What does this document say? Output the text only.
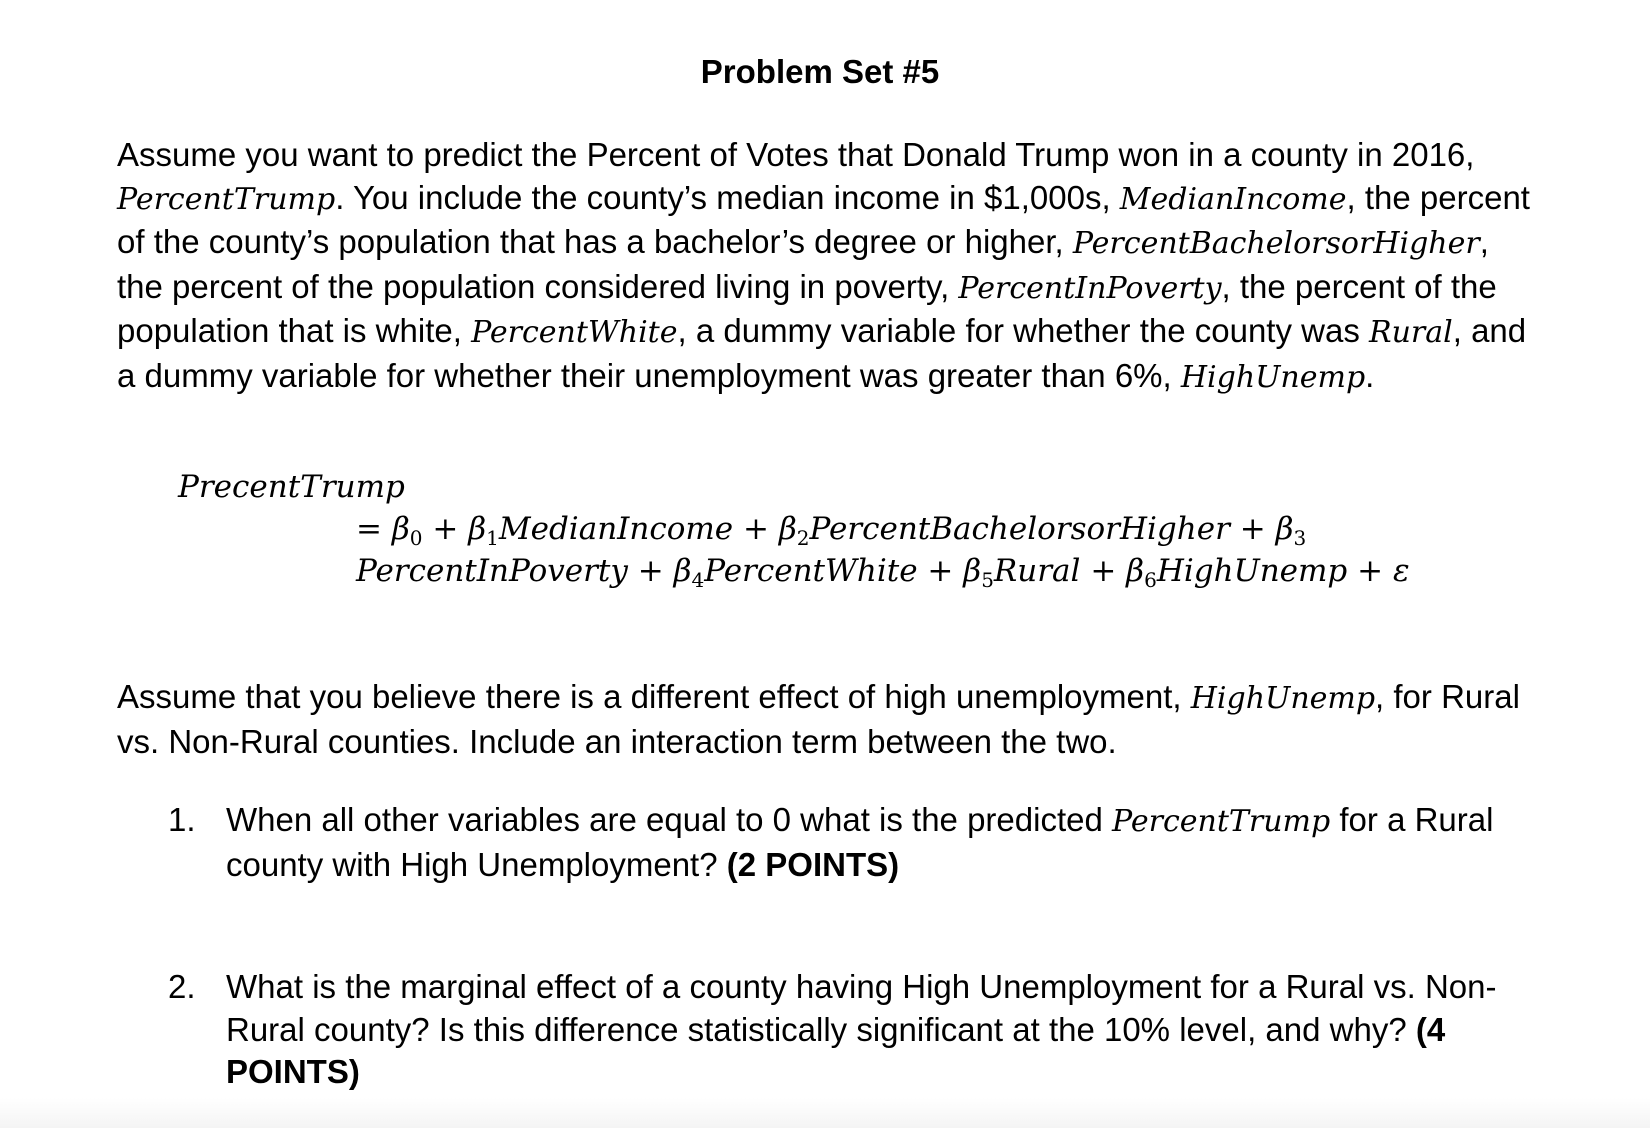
Problem Set #5
Assume you want to predict the Percent of Votes that Donald Trump won in a county in 2016, PercentTrump. You include the county’s median income in $1,000s, MedianIncome, the percent of the county’s population that has a bachelor’s degree or higher, PercentBachelorsorHigher, the percent of the population considered living in poverty, PercentInPoverty, the percent of the population that is white, PercentWhite, a dummy variable for whether the county was Rural, and a dummy variable for whether their unemployment was greater than 6%, HighUnemp.
PrecentTrump
= $\beta_0$ + $\beta_1MedianIncome$ + $\beta_2PercentBachelorsorHigher + \beta_3$
PercentInPoverty + $\beta_4PercentWhite$ + $\beta_5Rural$ + $\beta_6HighUnemp + \varepsilon$
Assume that you believe there is a different effect of high unemployment, HighUnemp, for Rural vs. Non-Rural counties. Include an interaction term between the two.
1. When all other variables are equal to 0 what is the predicted PercentTrump for a Rural county with High Unemployment? (2 POINTS)
2. What is the marginal effect of a county having High Unemployment for a Rural vs. Non-Rural county? Is this difference statistically significant at the 10% level, and why? (4 POINTS)
